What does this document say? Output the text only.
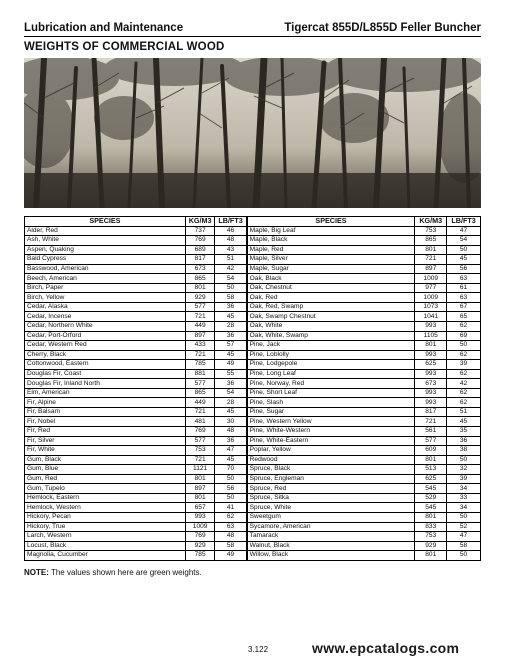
Lubrication and Maintenance	Tigercat 855D/L855D Feller Buncher
WEIGHTS OF COMMERCIAL WOOD
SPECIES	KG/M3	LB/FT3	SPECIES	KG/M3	LB/FT3
Alder, Red	737	46	Maple, Big Leaf	753	47
Ash, White	769	48	Maple, Black	865	54
Aspen, Quaking	689	43	Maple, Red	801	50
Bald Cypress	817	51	Maple, Silver	721	45
Basswood, American	673	42	Maple, Sugar	897	56
Beech, American	865	54	Oak, Black	1009	63
Birch, Paper	801	50	Oak, Chestnut	977	61
Birch, Yellow	929	58	Oak, Red	1009	63
Cedar, Alaska	577	36	Oak, Red, Swamp	1073	67
Cedar, Incense	721	45	Oak, Swamp Chestnut	1041	65
Cedar, Northern White	449	28	Oak, White	993	62
Cedar, Port-Orford	897	36	Oak, White, Swamp	1105	69
Cedar, Western Red	433	57	Pine, Jack	801	50
Cherry, Black	721	45	Pine, Loblolly	993	62
Cottonwood, Eastern	785	49	Pine, Lodgepole	625	39
Douglas Fir, Coast	881	55	Pine, Long Leaf	993	62
Douglas Fir, Inland North	577	36	Pine, Norway, Red	673	42
Elm, American	865	54	Pine, Short Leaf	993	62
Fir, Alpine	449	28	Pine, Slash	993	62
Fir, Balsam	721	45	Pine, Sugar	817	51
Fir, Nobel	481	30	Pine, Western Yellow	721	45
Fir, Red	769	48	Pine, White-Western	561	35
Fir, Silver	577	36	Pine, White-Eastern	577	36
Fir, White	753	47	Poplar, Yellow	609	38
Gum, Black	721	45	Redwood	801	50
Gum, Blue	1121	70	Spruce, Black	513	32
Gum, Red	801	50	Spruce, Engleman	625	39
Gum, Tupelo	897	56	Spruce, Red	545	34
Hemlock, Eastern	801	50	Spruce, Sitka	529	33
Hemlock, Western	657	41	Spruce, White	545	34
Hickory, Pecan	993	62	Sweetgum	801	50
Hickory, True	1009	63	Sycamore, American	833	52
Larch, Western	769	48	Tamarack	753	47
Locust, Black	929	58	Walnut, Black	929	58
Magnolia, Cucumber	785	49	Willow, Black	801	50
NOTE: The values shown here are green weights.
3.122	www.epcatalogs.com
